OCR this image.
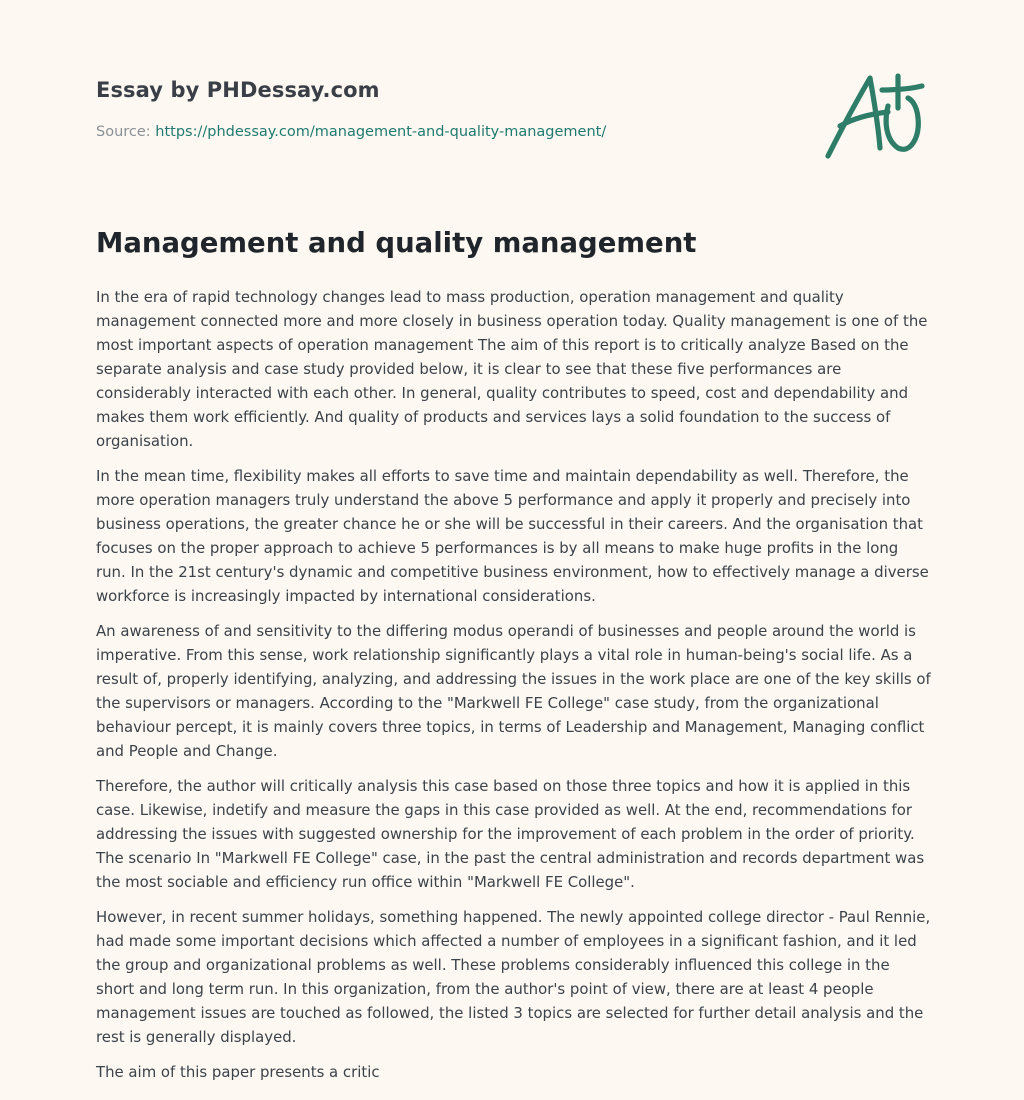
Essay by PHDessay.com
Source: https://phdessay.com/management-and-quality-management/
Management and quality management

In the era of rapid technology changes lead to mass production, operation management and quality management connected more and more closely in business operation today. Quality management is one of the most important aspects of operation management The aim of this report is to critically analyze Based on the separate analysis and case study provided below, it is clear to see that these five performances are considerably interacted with each other. In general, quality contributes to speed, cost and dependability and makes them work efficiently. And quality of products and services lays a solid foundation to the success of organisation.

In the mean time, flexibility makes all efforts to save time and maintain dependability as well. Therefore, the more operation managers truly understand the above 5 performance and apply it properly and precisely into business operations, the greater chance he or she will be successful in their careers. And the organisation that focuses on the proper approach to achieve 5 performances is by all means to make huge profits in the long run. In the 21st century's dynamic and competitive business environment, how to effectively manage a diverse workforce is increasingly impacted by international considerations.

An awareness of and sensitivity to the differing modus operandi of businesses and people around the world is imperative. From this sense, work relationship significantly plays a vital role in human-being's social life. As a result of, properly identifying, analyzing, and addressing the issues in the work place are one of the key skills of the supervisors or managers. According to the "Markwell FE College" case study, from the organizational behaviour percept, it is mainly covers three topics, in terms of Leadership and Management, Managing conflict and People and Change.

Therefore, the author will critically analysis this case based on those three topics and how it is applied in this case. Likewise, indetify and measure the gaps in this case provided as well. At the end, recommendations for addressing the issues with suggested ownership for the improvement of each problem in the order of priority. The scenario In "Markwell FE College" case, in the past the central administration and records department was the most sociable and efficiency run office within "Markwell FE College".

However, in recent summer holidays, something happened. The newly appointed college director - Paul Rennie, had made some important decisions which affected a number of employees in a significant fashion, and it led the group and organizational problems as well. These problems considerably influenced this college in the short and long term run. In this organization, from the author's point of view, there are at least 4 people management issues are touched as followed, the listed 3 topics are selected for further detail analysis and the rest is generally displayed.

The aim of this paper presents a critic
